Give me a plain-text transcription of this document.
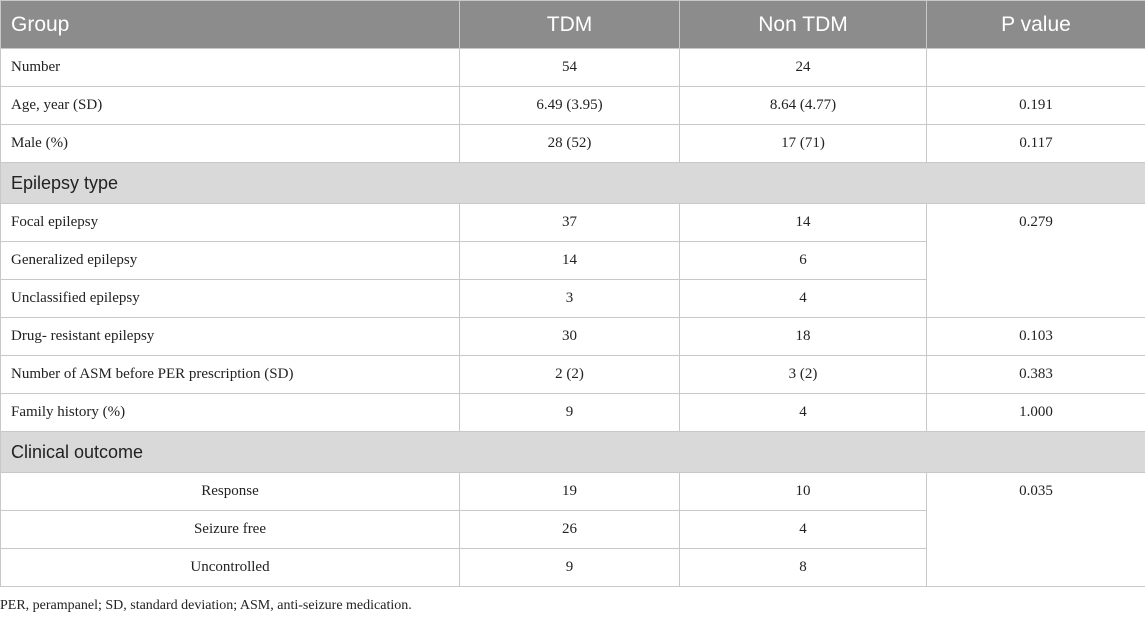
Group	TDM	Non TDM	P value
Number	54	24	
Age, year (SD)	6.49 (3.95)	8.64 (4.77)	0.191
Male (%)	28 (52)	17 (71)	0.117
Epilepsy type			
Focal epilepsy	37	14	0.279
Generalized epilepsy	14	6	
Unclassified epilepsy	3	4	
Drug- resistant epilepsy	30	18	0.103
Number of ASM before PER prescription (SD)	2 (2)	3 (2)	0.383
Family history (%)	9	4	1.000
Clinical outcome			
Response	19	10	0.035
Seizure free	26	4	
Uncontrolled	9	8	

PER, perampanel; SD, standard deviation; ASM, anti-seizure medication.
